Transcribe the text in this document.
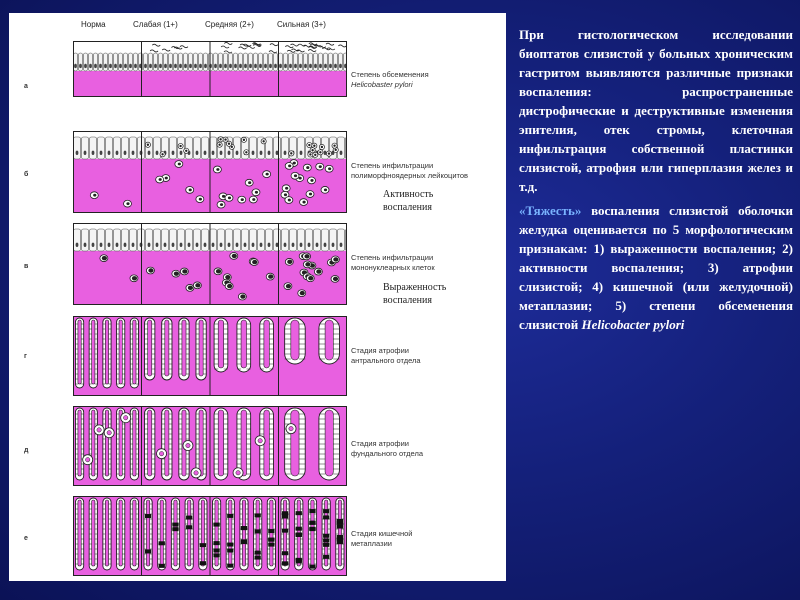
Норма	Слабая (1+)	Средняя (2+)	Сильная (3+)
а
б
в
г
д
е
Степень обсеменения
Helicobaster pylori
Степень инфильтрации
полиморфноядерных лейкоцитов
Степень инфильтрации
мононуклеарных клеток
Стадия атрофии
антрального отдела
Стадия атрофии
фундального отдела
Стадия кишечной
метаплазии
Активность
воспаления
Выраженность
воспаления

При гистологическом исследовании биоптатов слизистой у больных хроническим гастритом выявляются различные признаки воспаления: распространенные дистрофические и деструктивные изменения эпителия, отек стромы, клеточная инфильтрация собственной пластинки слизистой, атрофия или гиперплазия желез и т.д.

«Тяжесть» воспаления слизистой оболочки желудка оценивается по 5 морфологическим признакам: 1) выраженности воспаления; 2) активности воспаления; 3) атрофии слизистой; 4) кишечной (или желудочной) метаплазии; 5) степени обсеменения слизистой Helicobacter pylori
